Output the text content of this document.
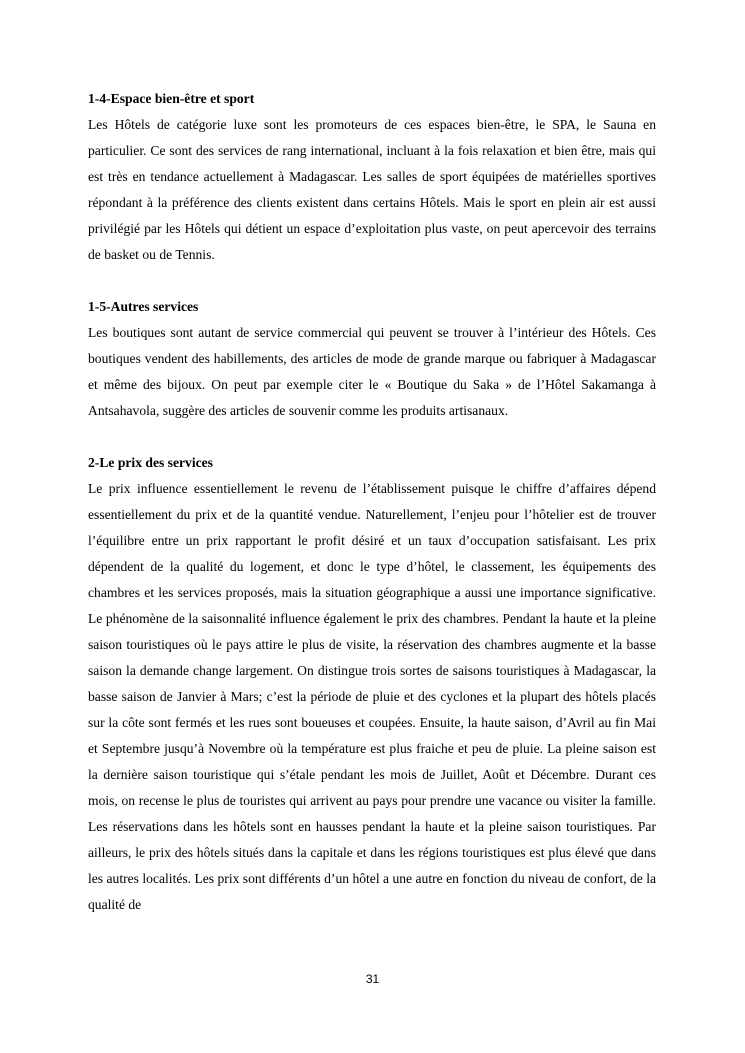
1-4-Espace bien-être et sport

Les Hôtels de catégorie luxe sont les promoteurs de ces espaces bien-être, le SPA, le Sauna en particulier. Ce sont des services de rang international, incluant à la fois relaxation et bien être, mais qui est très en tendance actuellement à Madagascar. Les salles de sport équipées de matérielles sportives répondant à la préférence des clients existent dans certains Hôtels. Mais le sport en plein air est aussi privilégié par les Hôtels qui détient un espace d’exploitation plus vaste, on peut apercevoir des terrains de basket ou de Tennis.

1-5-Autres services

Les boutiques sont autant de service commercial qui peuvent se trouver à l’intérieur des Hôtels. Ces boutiques vendent des habillements, des articles de mode de grande marque ou fabriquer à Madagascar et même des bijoux. On peut par exemple citer le « Boutique du Saka » de l’Hôtel Sakamanga à Antsahavola, suggère des articles de souvenir comme les produits artisanaux.

2-Le prix des services

Le prix influence essentiellement le revenu de l’établissement puisque le chiffre d’affaires dépend essentiellement du prix et de la quantité vendue. Naturellement, l’enjeu pour l’hôtelier est de trouver l’équilibre entre un prix rapportant le profit désiré et un taux d’occupation satisfaisant. Les prix dépendent de la qualité du logement, et donc le type d’hôtel, le classement, les équipements des chambres et les services proposés, mais la situation géographique a aussi une importance significative. Le phénomène de la saisonnalité influence également le prix des chambres. Pendant la haute et la pleine saison touristiques où le pays attire le plus de visite, la réservation des chambres augmente et la basse saison la demande change largement. On distingue trois sortes de saisons touristiques à Madagascar, la basse saison de Janvier à Mars; c’est la période de pluie et des cyclones et la plupart des hôtels placés sur la côte sont fermés et les rues sont boueuses et coupées. Ensuite, la haute saison, d’Avril au fin Mai et Septembre jusqu’à Novembre où la température est plus fraiche et peu de pluie. La pleine saison est la dernière saison touristique qui s’étale pendant les mois de Juillet, Août et Décembre. Durant ces mois, on recense le plus de touristes qui arrivent au pays pour prendre une vacance ou visiter la famille. Les réservations dans les hôtels sont en hausses pendant la haute et la pleine saison touristiques. Par ailleurs, le prix des hôtels situés dans la capitale et dans les régions touristiques est plus élevé que dans les autres localités. Les prix sont différents d’un hôtel a une autre en fonction du niveau de confort, de la qualité de

31
